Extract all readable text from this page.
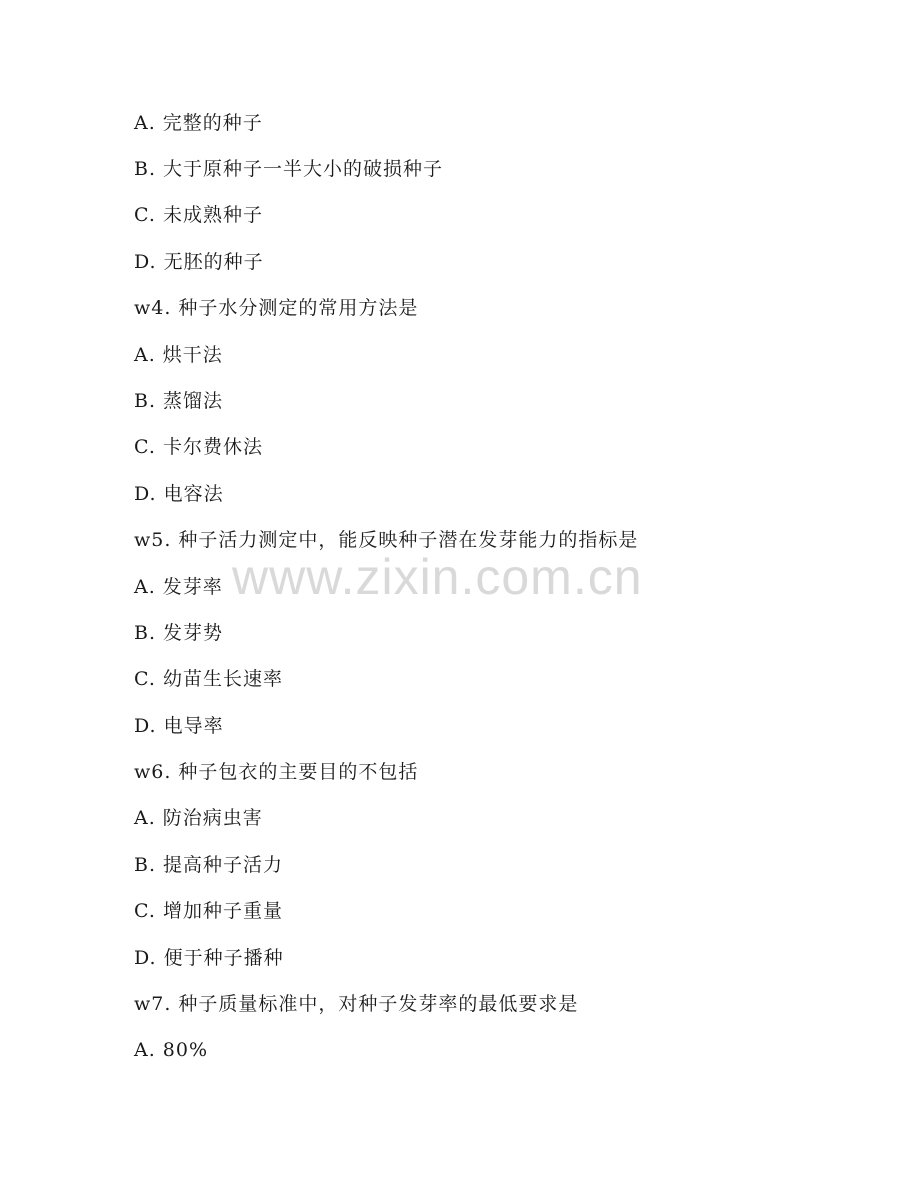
www.zixin.com.cn
A. 完整的种子
B. 大于原种子一半大小的破损种子
C. 未成熟种子
D. 无胚的种子
w4. 种子水分测定的常用方法是
A. 烘干法
B. 蒸馏法
C. 卡尔费休法
D. 电容法
w5. 种子活力测定中，能反映种子潜在发芽能力的指标是
A. 发芽率
B. 发芽势
C. 幼苗生长速率
D. 电导率
w6. 种子包衣的主要目的不包括
A. 防治病虫害
B. 提高种子活力
C. 增加种子重量
D. 便于种子播种
w7. 种子质量标准中，对种子发芽率的最低要求是
A. 80%
